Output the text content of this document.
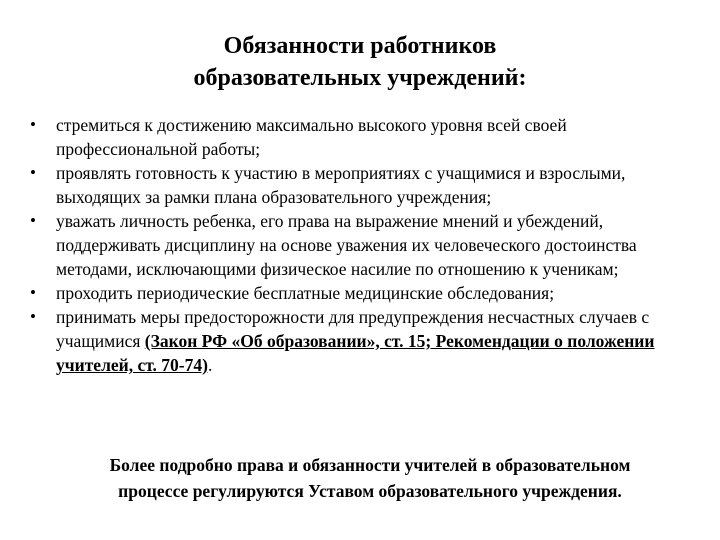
Обязанности работников
образовательных учреждений:
•	стремиться к достижению максимально высокого уровня всей своей профессиональной работы;
•	проявлять готовность к участию в мероприятиях с учащимися и взрослыми, выходящих за рамки плана образовательного учреждения;
•	уважать личность ребенка, его права на выражение мнений и убеждений, поддерживать дисциплину на основе уважения их человеческого достоинства методами, исключающими физическое насилие по отношению к ученикам;
•	проходить периодические бесплатные медицинские обследования;
•	принимать меры предосторожности для предупреждения несчастных случаев с учащимися (Закон РФ «Об образовании», ст. 15; Рекомендации о положении учителей, ст. 70-74).
Более подробно права и обязанности учителей в образовательном
процессе регулируются Уставом образовательного учреждения.
